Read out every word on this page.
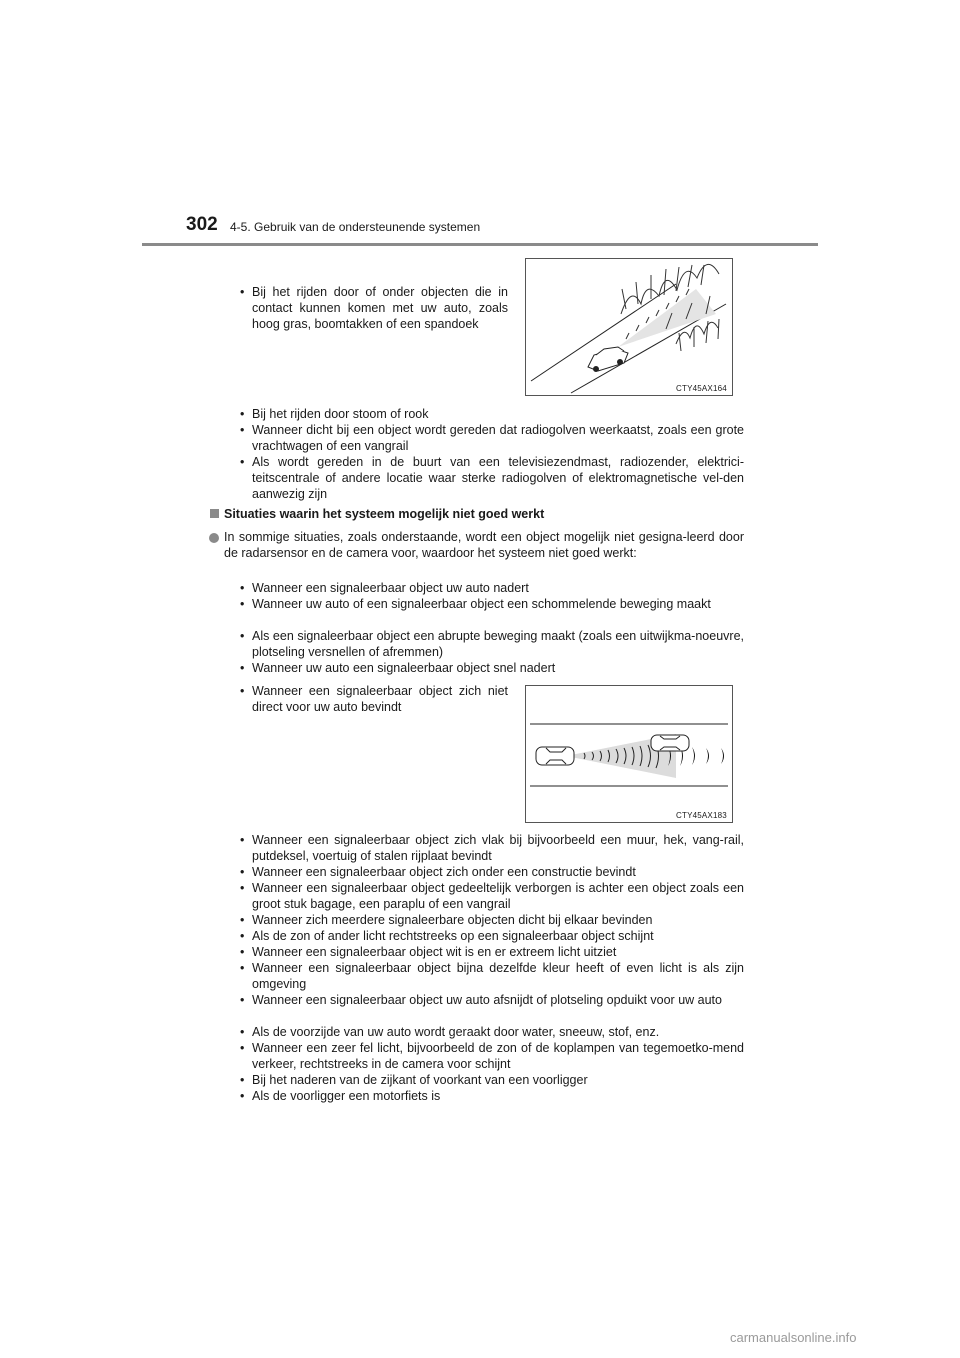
302 4-5. Gebruik van de ondersteunende systemen
• Bij het rijden door of onder objecten die in contact kunnen komen met uw auto, zoals hoog gras, boomtakken of een spandoek
CTY45AX164
• Bij het rijden door stoom of rook
• Wanneer dicht bij een object wordt gereden dat radiogolven weerkaatst, zoals een grote vrachtwagen of een vangrail
• Als wordt gereden in de buurt van een televisiezendmast, radiozender, elektrici-teitscentrale of andere locatie waar sterke radiogolven of elektromagnetische vel-den aanwezig zijn
Situaties waarin het systeem mogelijk niet goed werkt
In sommige situaties, zoals onderstaande, wordt een object mogelijk niet gesigna-leerd door de radarsensor en de camera voor, waardoor het systeem niet goed werkt:
• Wanneer een signaleerbaar object uw auto nadert
• Wanneer uw auto of een signaleerbaar object een schommelende beweging maakt
• Als een signaleerbaar object een abrupte beweging maakt (zoals een uitwijkma-noeuvre, plotseling versnellen of afremmen)
• Wanneer uw auto een signaleerbaar object snel nadert
• Wanneer een signaleerbaar object zich niet direct voor uw auto bevindt
CTY45AX183
• Wanneer een signaleerbaar object zich vlak bij bijvoorbeeld een muur, hek, vang-rail, putdeksel, voertuig of stalen rijplaat bevindt
• Wanneer een signaleerbaar object zich onder een constructie bevindt
• Wanneer een signaleerbaar object gedeeltelijk verborgen is achter een object zoals een groot stuk bagage, een paraplu of een vangrail
• Wanneer zich meerdere signaleerbare objecten dicht bij elkaar bevinden
• Als de zon of ander licht rechtstreeks op een signaleerbaar object schijnt
• Wanneer een signaleerbaar object wit is en er extreem licht uitziet
• Wanneer een signaleerbaar object bijna dezelfde kleur heeft of even licht is als zijn omgeving
• Wanneer een signaleerbaar object uw auto afsnijdt of plotseling opduikt voor uw auto
• Als de voorzijde van uw auto wordt geraakt door water, sneeuw, stof, enz.
• Wanneer een zeer fel licht, bijvoorbeeld de zon of de koplampen van tegemoetko-mend verkeer, rechtstreeks in de camera voor schijnt
• Bij het naderen van de zijkant of voorkant van een voorligger
• Als de voorligger een motorfiets is
carmanualsonline.info
